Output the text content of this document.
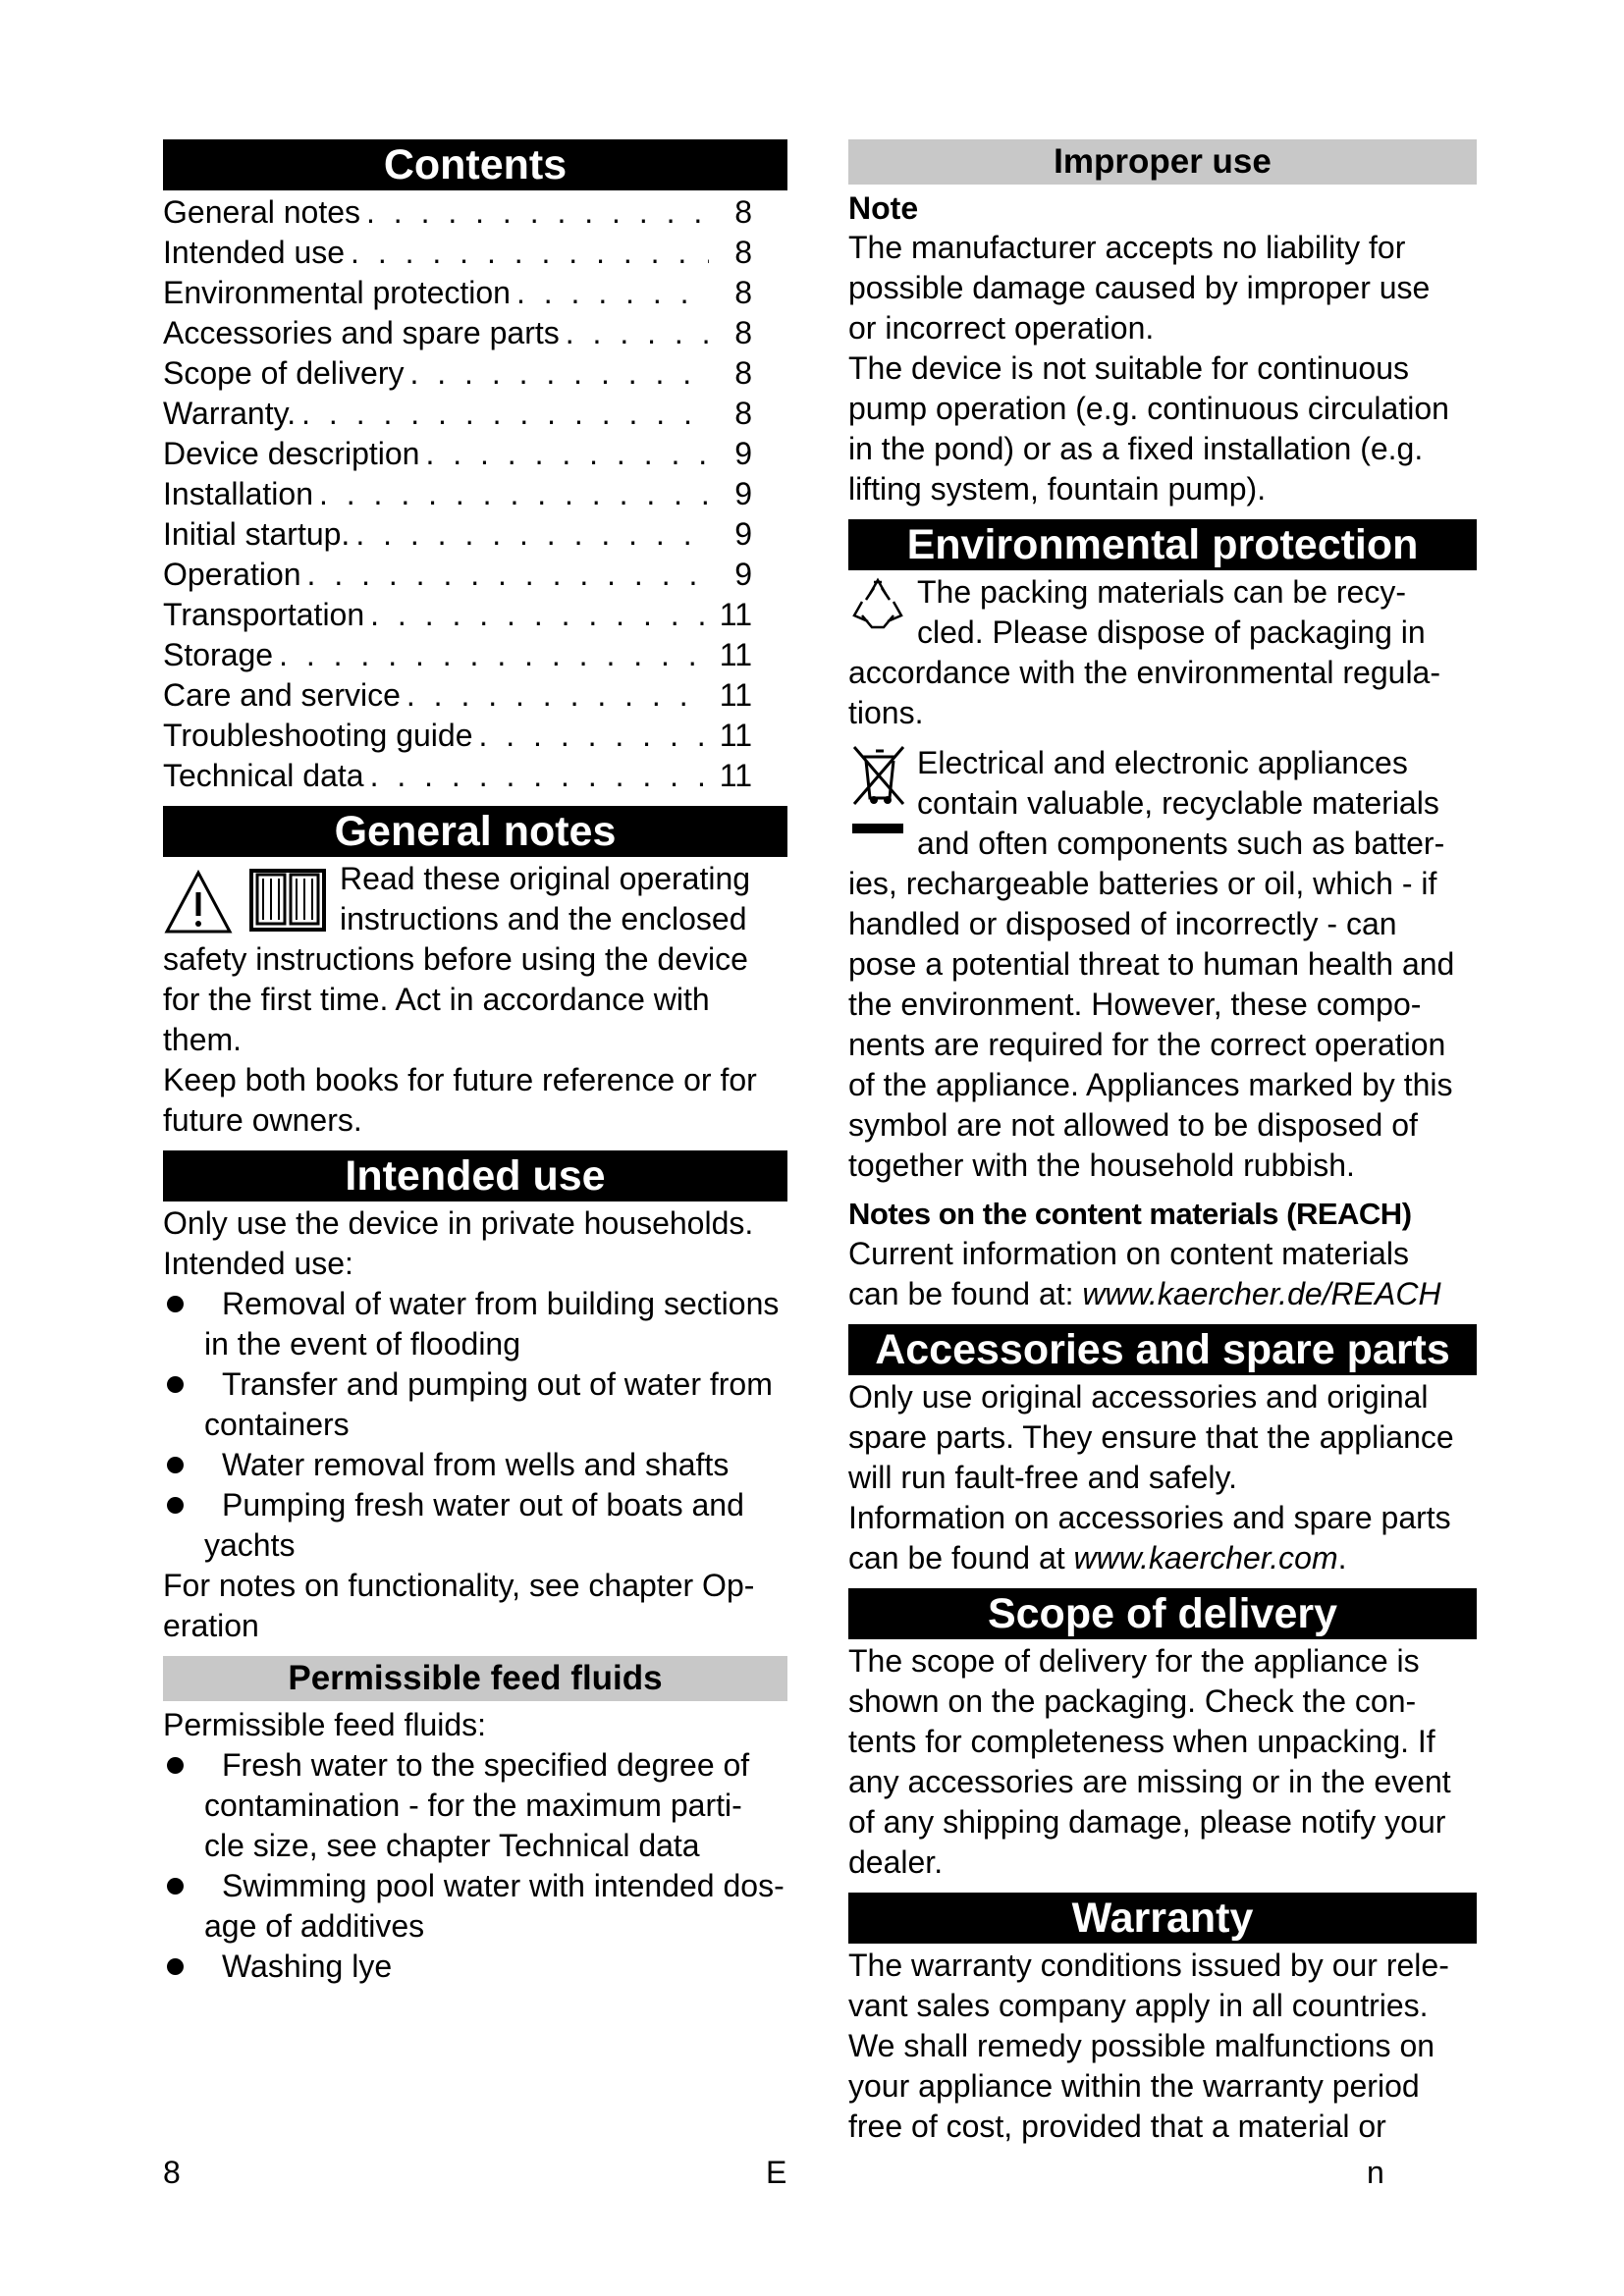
Contents
General notes . . .	8
Intended use . . .	8
Environmental protection . . .	8
Accessories and spare parts . . .	8
Scope of delivery . . .	8
Warranty. . . .	8
Device description . . .	9
Installation . . .	9
Initial startup. . . .	9
Operation . . .	9
Transportation . . .	11
Storage . . .	11
Care and service . . .	11
Troubleshooting guide . . .	11
Technical data . . .	11
General notes

Read these original operating
instructions and the enclosed
safety instructions before using the device
for the first time. Act in accordance with
them.

Keep both books for future reference or for
future owners.

Intended use

Only use the device in private households.
Intended use:

Removal of water from building sections
in the event of flooding
Transfer and pumping out of water from
containers
Water removal from wells and shafts
Pumping fresh water out of boats and
yachts

For notes on functionality, see chapter Op-
eration

Permissible feed fluids

Permissible feed fluids:

Fresh water to the specified degree of
contamination - for the maximum parti-
cle size, see chapter Technical data
Swimming pool water with intended dos-
age of additives
Washing lye
Improper use
Note

The manufacturer accepts no liability for
possible damage caused by improper use
or incorrect operation.

The device is not suitable for continuous
pump operation (e.g. continuous circulation
in the pond) or as a fixed installation (e.g.
lifting system, fountain pump).

Environmental protection

The packing materials can be recy-
cled. Please dispose of packaging in
accordance with the environmental regula-
tions.

Electrical and electronic appliances
contain valuable, recyclable materials
and often components such as batter-
ies, rechargeable batteries or oil, which - if
handled or disposed of incorrectly - can
pose a potential threat to human health and
the environment. However, these compo-
nents are required for the correct operation
of the appliance. Appliances marked by this
symbol are not allowed to be disposed of
together with the household rubbish.

Notes on the content materials (REACH)

Current information on content materials
can be found at: www.kaercher.de/REACH

Accessories and spare parts

Only use original accessories and original
spare parts. They ensure that the appliance
will run fault-free and safely.

Information on accessories and spare parts
can be found at www.kaercher.com.

Scope of delivery

The scope of delivery for the appliance is
shown on the packaging. Check the con-
tents for completeness when unpacking. If
any accessories are missing or in the event
of any shipping damage, please notify your
dealer.

Warranty

The warranty conditions issued by our rele-
vant sales company apply in all countries.

We shall remedy possible malfunctions on
your appliance within the warranty period
free of cost, provided that a material or

8	E	n
